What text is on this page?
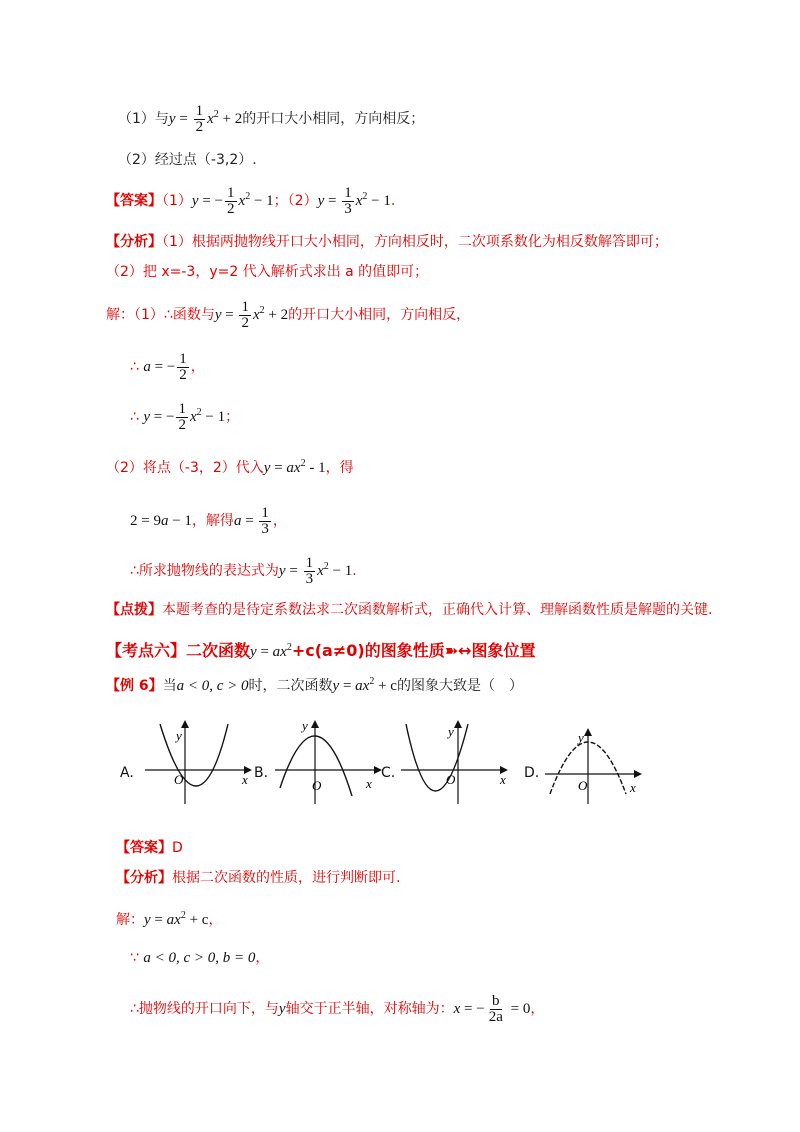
（1）与$y = \frac{1}{2} x^2 + 2$的开口大小相同，方向相反；
（2）经过点（-3,2）.
【答案】（1）y = − $\frac{1}{2} x^2 - 1$；$(2)y = \frac{1}{3} x^2 - 1$.
【分析】（1）根据两抛物线开口大小相同，方向相反时，二次项系数化为相反数解答即可；
（2）把 x=-3，y=2 代入解析式求出 a 的值即可；
解：（1）∴函数与$y = \frac{1}{2} x^2 + 2$的开口大小相同，方向相反，
∴ a = − $\frac{1}{2}$ ，
∴ y = − $\frac{1}{2} x^2 - 1$；
（2）将点（-3，2）代入$y = ax^2 - 1$，得
2 = 9a − 1，解得$a = \frac{1}{3}$ ，
∴所求抛物线的表达式为$y = \frac{1}{3} x^2 - 1$.
【点拨】本题考查的是待定系数法求二次函数解析式，正确代入计算、理解函数性质是解题的关键.
【考点六】二次函数$y = ax^2+c(a\ne 0)$的图象性质➽↔图象位置
【例 6】当a < 0, c > 0时，二次函数$y = ax^2 + c$的图象大致是（　）
A.
y
O	x B.
y
O	x
C.
y
O	x D.
y
O	x
【答案】D
【分析】根据二次函数的性质，进行判断即可.
解：$y = ax^2 + c$，
∵ a < 0, c > 0, b = 0，
∴抛物线的开口向下，与y轴交于正半轴，对称轴为：x = − $\frac{b}{2a} = 0$，
